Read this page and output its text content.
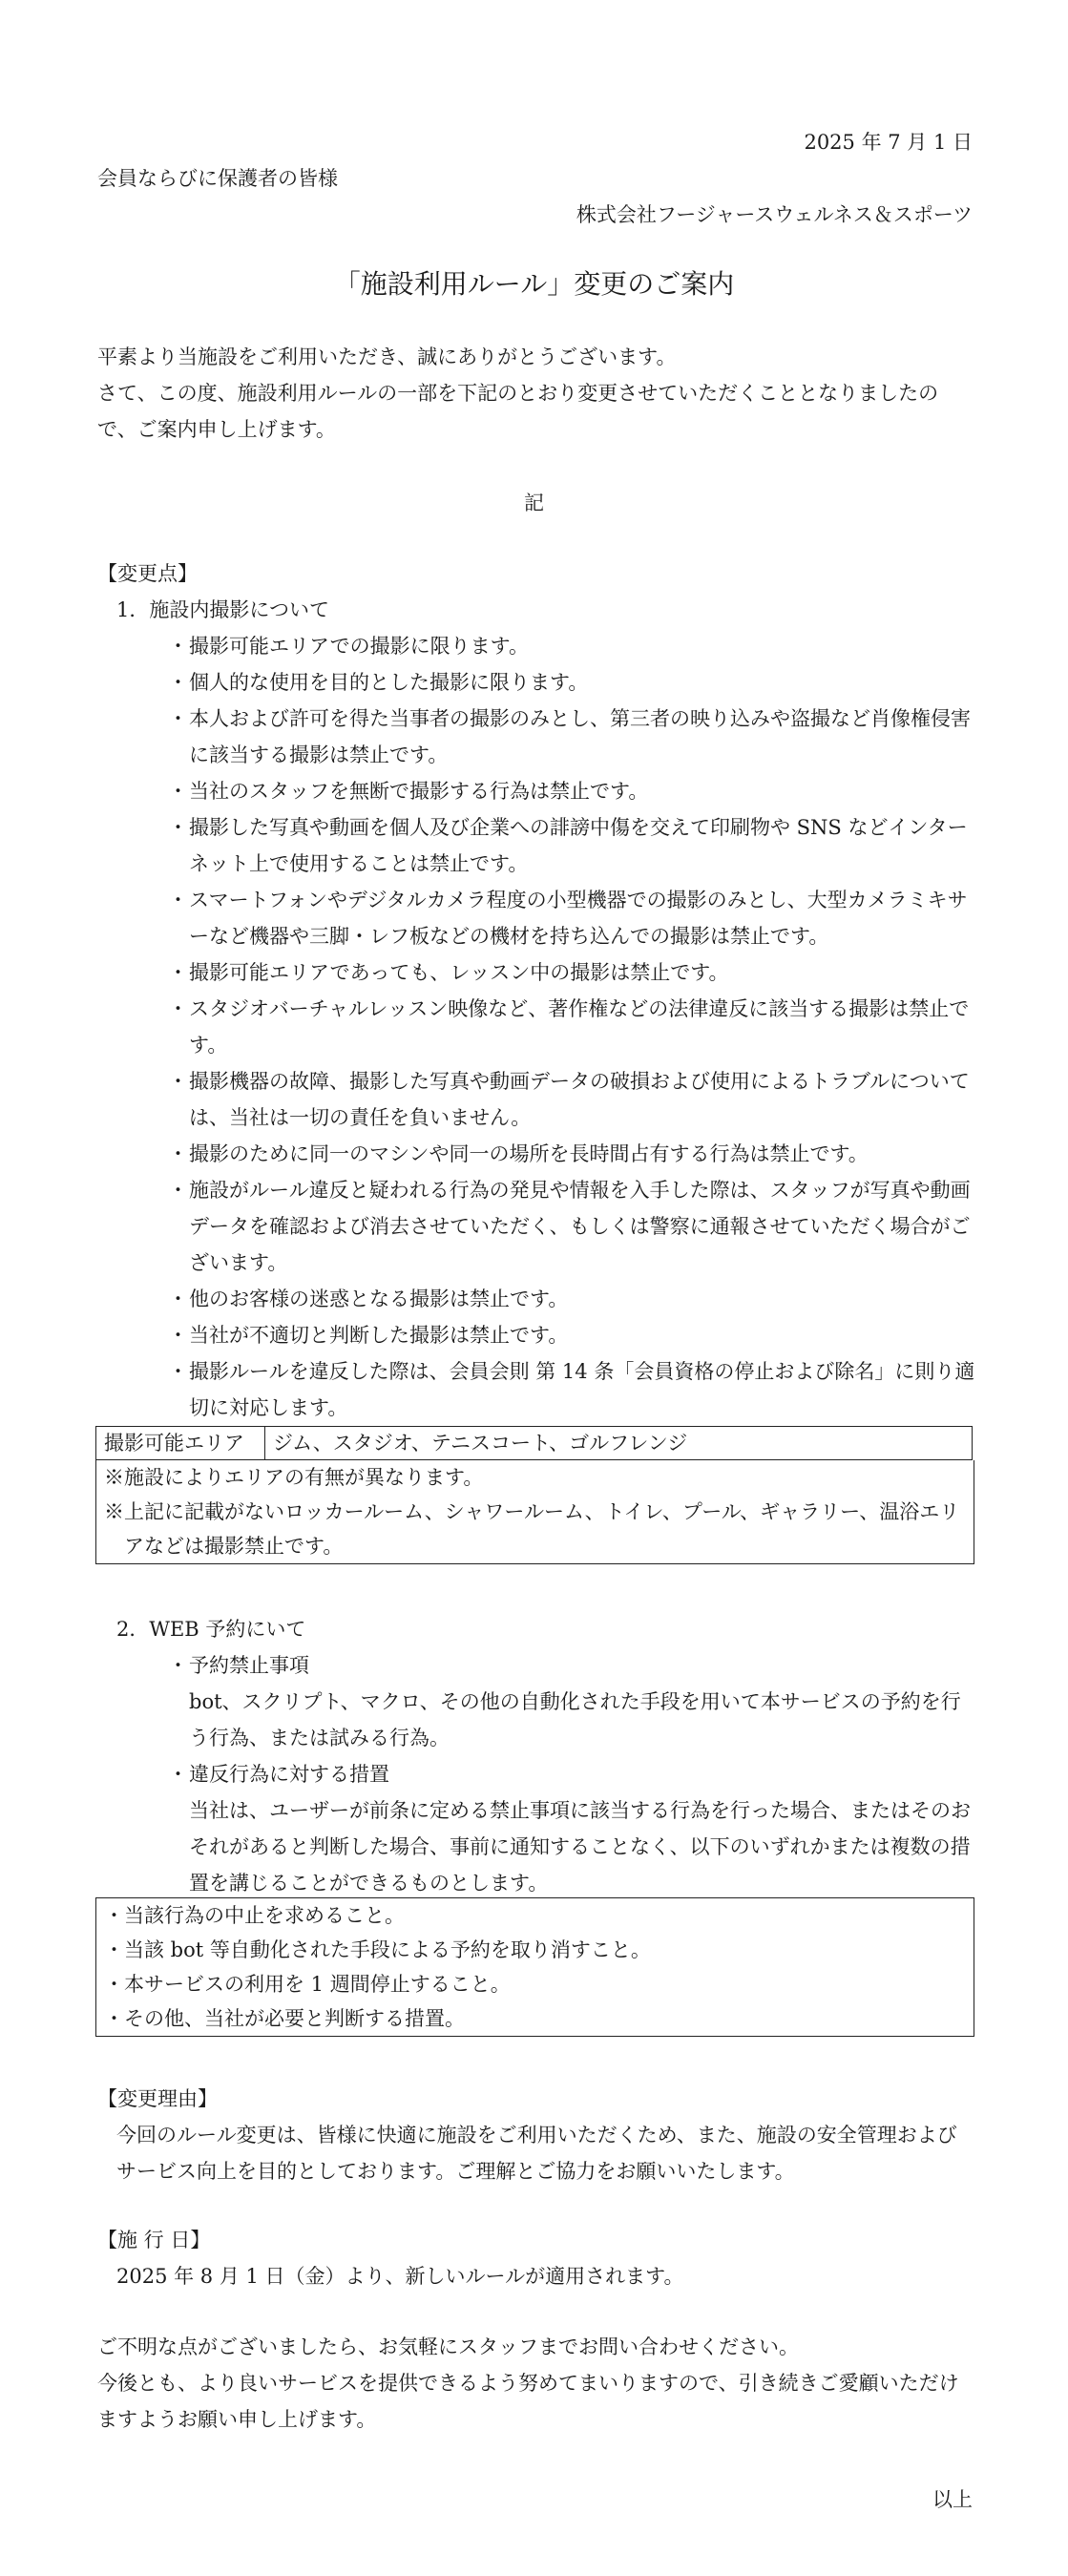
2025 年 7 月 1 日
会員ならびに保護者の皆様
株式会社フージャースウェルネス＆スポーツ
「施設利用ルール」変更のご案内

平素より当施設をご利用いただき、誠にありがとうございます。

さて、この度、施設利用ルールの一部を下記のとおり変更させていただくこととなりましたので、ご案内申し上げます。

記

【変更点】

1．施設内撮影について

・ 撮影可能エリアでの撮影に限ります。
・ 個人的な使用を目的とした撮影に限ります。
・ 本人および許可を得た当事者の撮影のみとし、第三者の映り込みや盗撮など肖像権侵害に該当する撮影は禁止です。
・ 当社のスタッフを無断で撮影する行為は禁止です。
・ 撮影した写真や動画を個人及び企業への誹謗中傷を交えて印刷物や SNS などインターネット上で使用することは禁止です。
・ スマートフォンやデジタルカメラ程度の小型機器での撮影のみとし、大型カメラミキサーなど機器や三脚・レフ板などの機材を持ち込んでの撮影は禁止です。
・ 撮影可能エリアであっても、レッスン中の撮影は禁止です。
・ スタジオバーチャルレッスン映像など、著作権などの法律違反に該当する撮影は禁止です。
・ 撮影機器の故障、撮影した写真や動画データの破損および使用によるトラブルについては、当社は一切の責任を負いません。
・ 撮影のために同一のマシンや同一の場所を長時間占有する行為は禁止です。
・ 施設がルール違反と疑われる行為の発見や情報を入手した際は、スタッフが写真や動画データを確認および消去させていただく、もしくは警察に通報させていただく場合がございます。
・ 他のお客様の迷惑となる撮影は禁止です。
・ 当社が不適切と判断した撮影は禁止です。
・ 撮影ルールを違反した際は、会員会則 第 14 条「会員資格の停止および除名」に則り適切に対応します。
撮影可能エリア	ジム、スタジオ、テニスコート、ゴルフレンジ
※施設によりエリアの有無が異なります。
※上記に記載がないロッカールーム、シャワールーム、トイレ、プール、ギャラリー、温浴エリアなどは撮影禁止です。

2．WEB 予約にいて

・ 予約禁止事項
bot、スクリプト、マクロ、その他の自動化された手段を用いて本サービスの予約を行う行為、または試みる行為。
・ 違反行為に対する措置
当社は、ユーザーが前条に定める禁止事項に該当する行為を行った場合、またはそのおそれがあると判断した場合、事前に通知することなく、以下のいずれかまたは複数の措置を講じることができるものとします。
・ 当該行為の中止を求めること。
・ 当該 bot 等自動化された手段による予約を取り消すこと。
・ 本サービスの利用を 1 週間停止すること。
・ その他、当社が必要と判断する措置。

【変更理由】

今回のルール変更は、皆様に快適に施設をご利用いただくため、また、施設の安全管理およびサービス向上を目的としております。ご理解とご協力をお願いいたします。

【施 行 日】

2025 年 8 月 1 日（金）より、新しいルールが適用されます。

ご不明な点がございましたら、お気軽にスタッフまでお問い合わせください。

今後とも、より良いサービスを提供できるよう努めてまいりますので、引き続きご愛顧いただけますようお願い申し上げます。

以上
